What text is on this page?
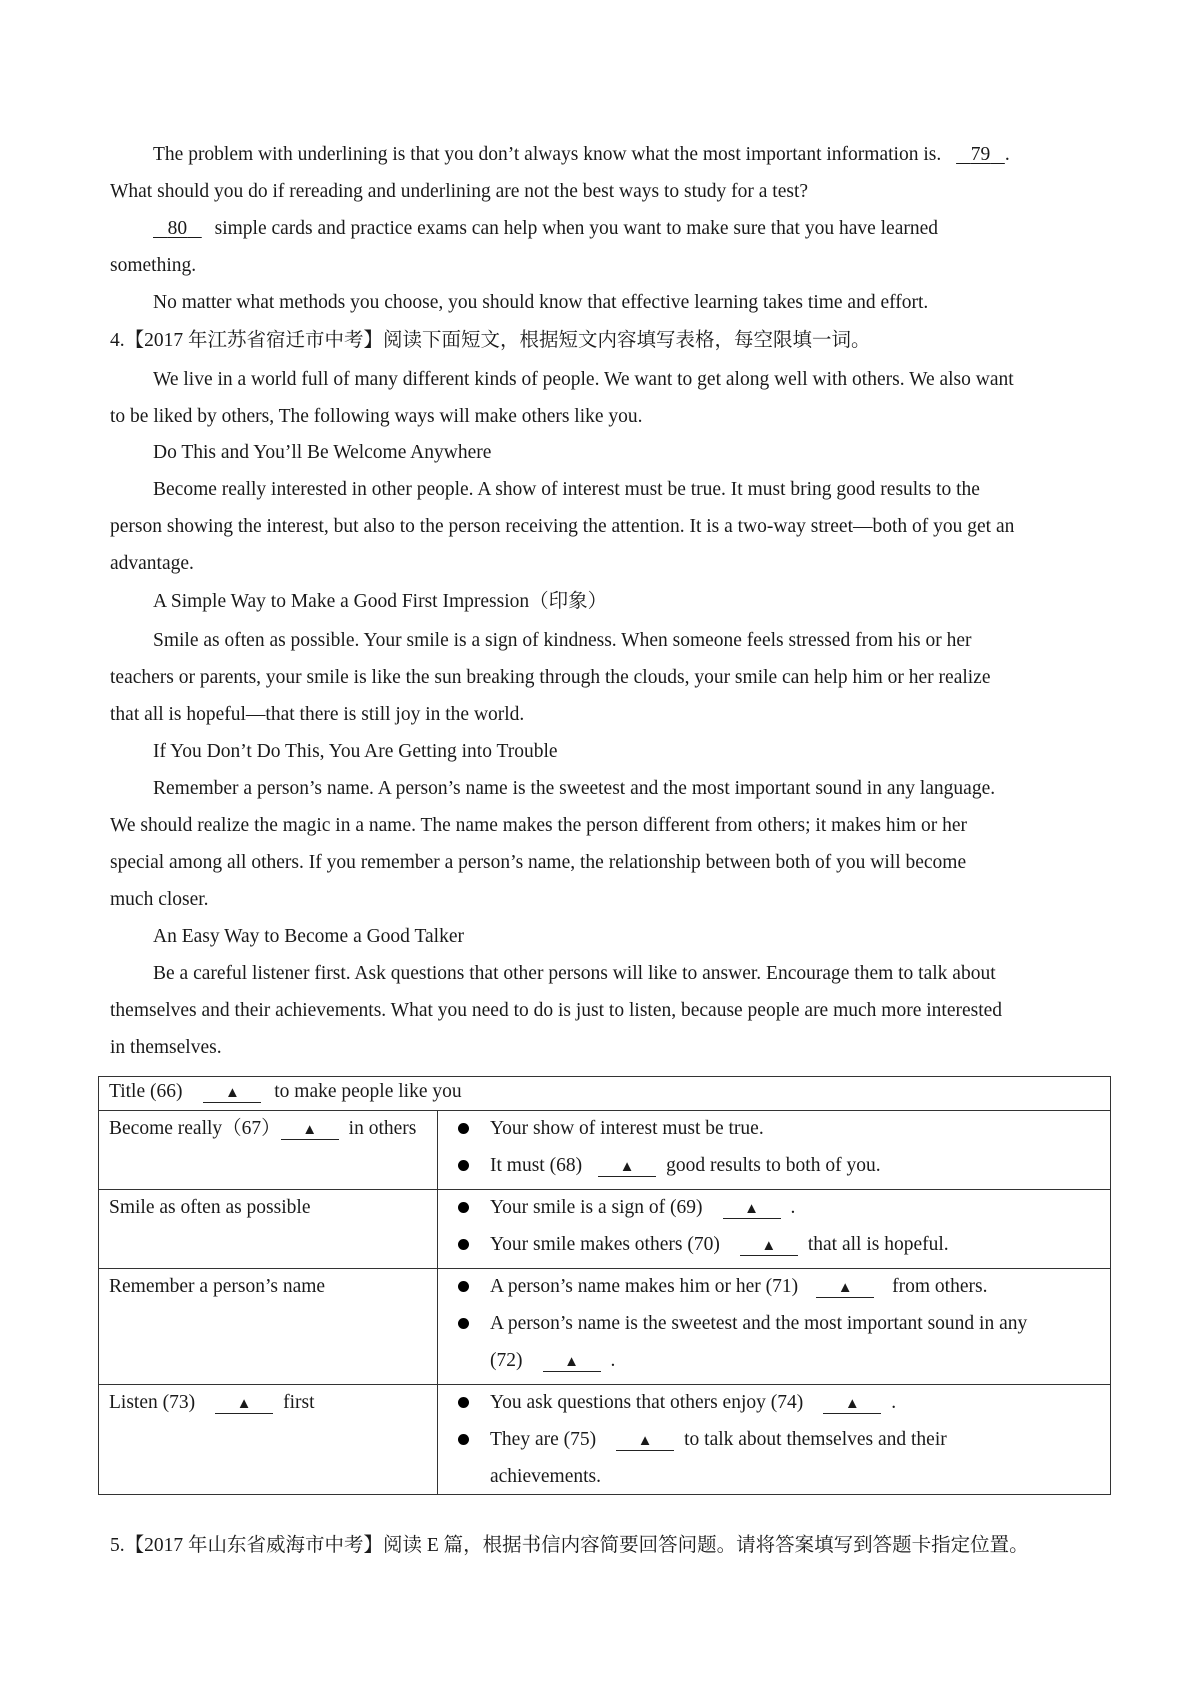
The problem with underlining is that you don’t always know what the most important information is. 79 .
What should you do if rereading and underlining are not the best ways to study for a test?
80 simple cards and practice exams can help when you want to make sure that you have learned
something.
No matter what methods you choose, you should know that effective learning takes time and effort.
4.【2017 年江苏省宿迁市中考】阅读下面短文，根据短文内容填写表格，每空限填一词。
We live in a world full of many different kinds of people. We want to get along well with others. We also want
to be liked by others, The following ways will make others like you.
Do This and You’ll Be Welcome Anywhere
Become really interested in other people. A show of interest must be true. It must bring good results to the
person showing the interest, but also to the person receiving the attention. It is a two-way street—both of you get an
advantage.
A Simple Way to Make a Good First Impression（印象）
Smile as often as possible. Your smile is a sign of kindness. When someone feels stressed from his or her
teachers or parents, your smile is like the sun breaking through the clouds, your smile can help him or her realize
that all is hopeful—that there is still joy in the world.
If You Don’t Do This, You Are Getting into Trouble
Remember a person’s name. A person’s name is the sweetest and the most important sound in any language.
We should realize the magic in a name. The name makes the person different from others; it makes him or her
special among all others. If you remember a person’s name, the relationship between both of you will become
much closer.
An Easy Way to Become a Good Talker
Be a careful listener first. Ask questions that other persons will like to answer. Encourage them to talk about
themselves and their achievements. What you need to do is just to listen, because people are much more interested
in themselves.
Title (66) ▲ to make people like you	

Become really（67） ▲ in others	Your show of interest must be true.
It must (68) ▲ good results to both of you.

Smile as often as possible	Your smile is a sign of (69) ▲ .
Your smile makes others (70) ▲ that all is hopeful.

Remember a person’s name	A person’s name makes him or her (71) ▲ from others.
A person’s name is the sweetest and the most important sound in any
(72) ▲ .

Listen (73) ▲ first	You ask questions that others enjoy (74) ▲ .
They are (75) ▲ to talk about themselves and their
achievements.
5.【2017 年山东省威海市中考】阅读 E 篇，根据书信内容简要回答问题。请将答案填写到答题卡指定位置。
